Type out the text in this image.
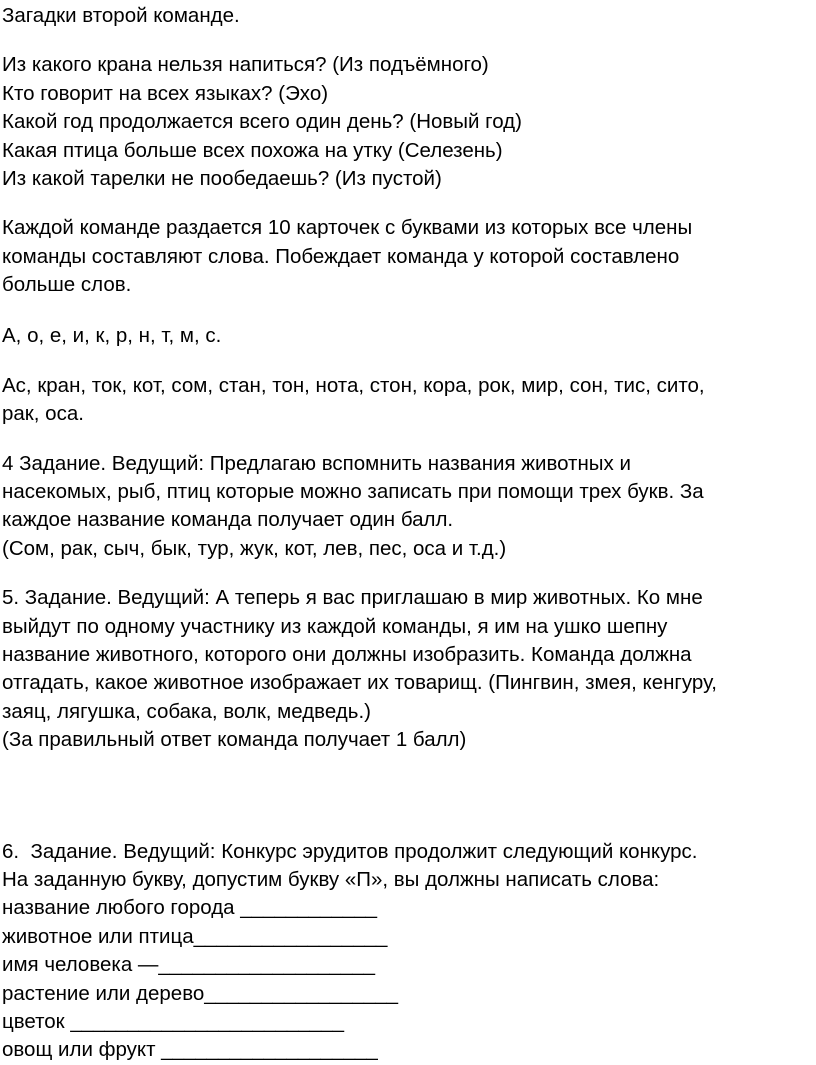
Загадки второй команде.
Из какого крана нельзя напиться? (Из подъёмного)
Кто говорит на всех языках? (Эхо)
Какой год продолжается всего один день? (Новый год)
Какая птица больше всех похожа на утку (Селезень)
Из какой тарелки не пообедаешь? (Из пустой)
Каждой команде раздается 10 карточек с буквами из которых все члены
команды составляют слова. Побеждает команда у которой составлено
больше слов.
А, о, е, и, к, р, н, т, м, с.
Ас, кран, ток, кот, сом, стан, тон, нота, стон, кора, рок, мир, сон, тис, сито,
рак, оса.
4 Задание. Ведущий: Предлагаю вспомнить названия животных и
насекомых, рыб, птиц которые можно записать при помощи трех букв. За
каждое название команда получает один балл.
(Сом, рак, сыч, бык, тур, жук, кот, лев, пес, оса и т.д.)
5. Задание. Ведущий: А теперь я вас приглашаю в мир животных. Ко мне
выйдут по одному участнику из каждой команды, я им на ушко шепну
название животного, которого они должны изобразить. Команда должна
отгадать, какое животное изображает их товарищ. (Пингвин, змея, кенгуру,
заяц, лягушка, собака, волк, медведь.)
(За правильный ответ команда получает 1 балл)
6.  Задание. Ведущий: Конкурс эрудитов продолжит следующий конкурс.
На заданную букву, допустим букву «П», вы должны написать слова:
название любого города ____________
животное или птица_________________
имя человека —___________________
растение или дерево_________________
цветок ________________________
овощ или фрукт ___________________
